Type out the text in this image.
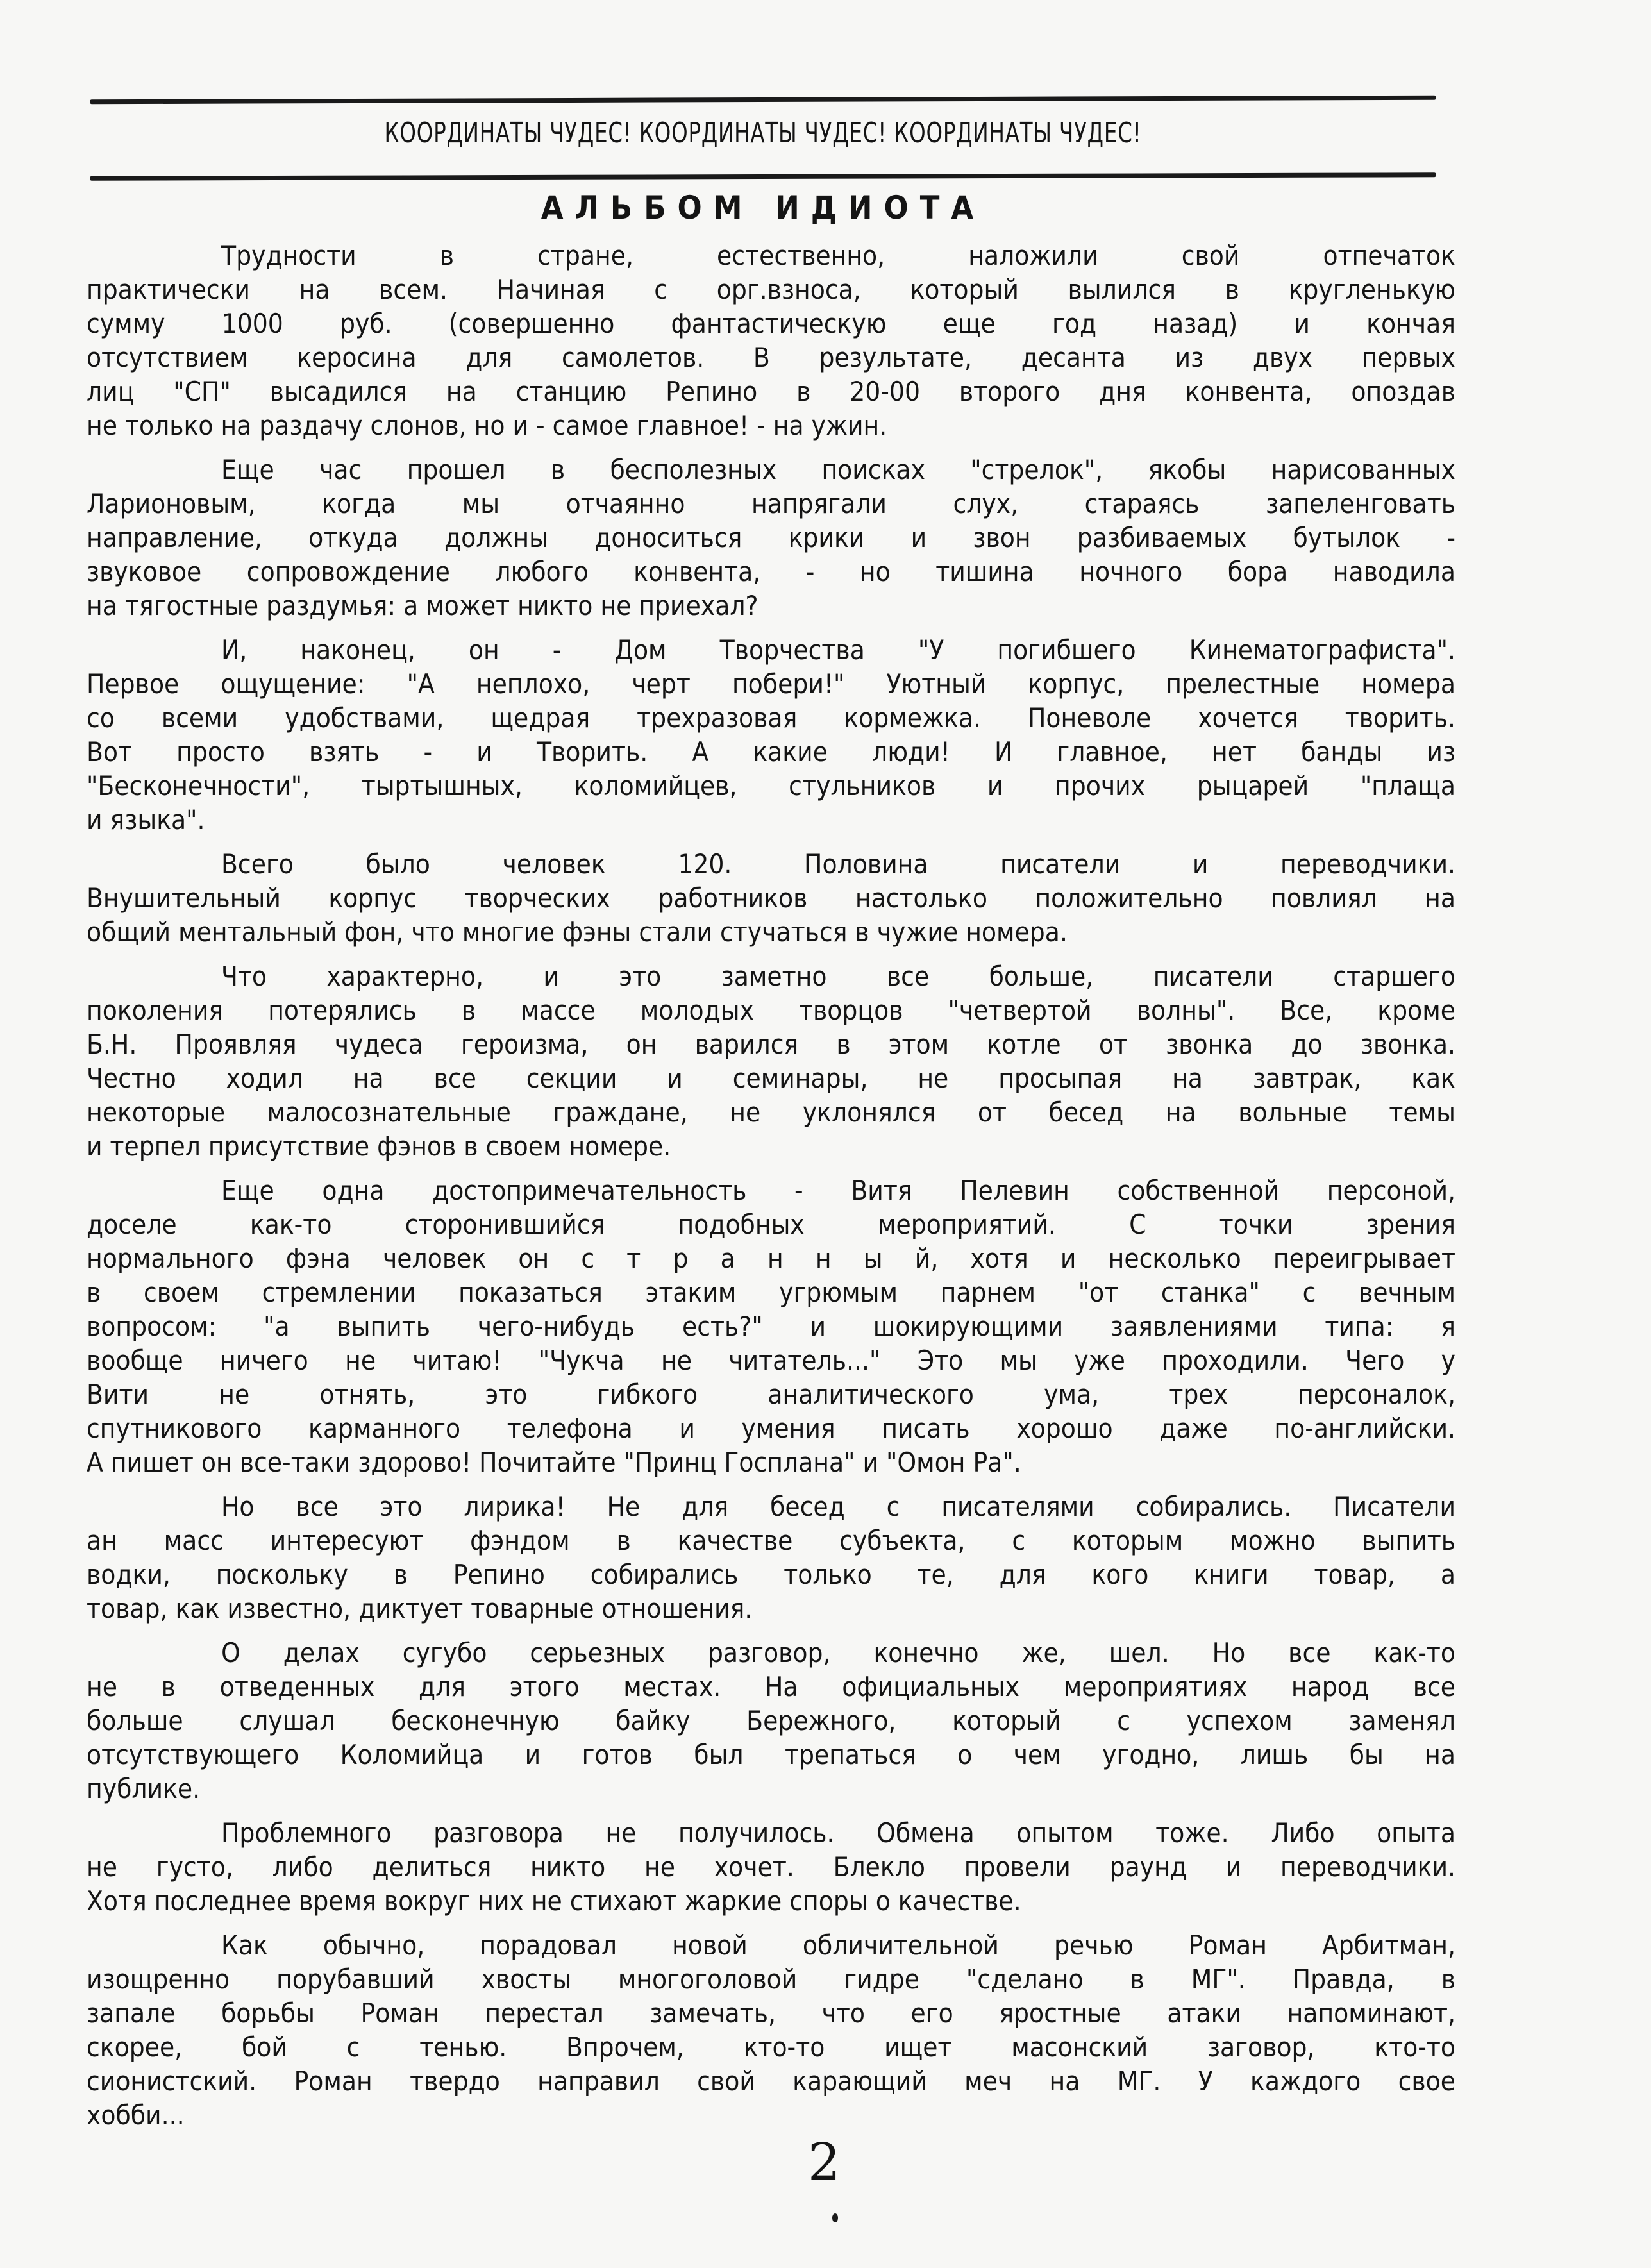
КООРДИНАТЫ ЧУДЕС! КООРДИНАТЫ ЧУДЕС! КООРДИНАТЫ ЧУДЕС!
АЛЬБОМ ИДИОТА
Трудности в стране, естественно, наложили свой отпечаток
практически на всем. Начиная с орг.взноса, который вылился в кругленькую
сумму 1000 руб. (совершенно фантастическую еще год назад) и кончая
отсутствием керосина для самолетов. В результате, десанта из двух первых
лиц "СП" высадился на станцию Репино в 20-00 второго дня конвента, опоздав
не только на раздачу слонов, но и - самое главное! - на ужин.
Еще час прошел в бесполезных поисках "стрелок", якобы нарисованных
Ларионовым, когда мы отчаянно напрягали слух, стараясь запеленговать
направление, откуда должны доноситься крики и звон разбиваемых бутылок -
звуковое сопровождение любого конвента, - но тишина ночного бора наводила
на тягостные раздумья: а может никто не приехал?
И, наконец, он - Дом Творчества "У погибшего Кинематографиста".
Первое ощущение: "А неплохо, черт побери!" Уютный корпус, прелестные номера
со всеми удобствами, щедрая трехразовая кормежка. Поневоле хочется творить.
Вот просто взять - и Творить. А какие люди! И главное, нет банды из
"Бесконечности", тыртышных, коломийцев, стульников и прочих рыцарей "плаща
и языка".
Всего было человек 120. Половина писатели и переводчики.
Внушительный корпус творческих работников настолько положительно повлиял на
общий ментальный фон, что многие фэны стали стучаться в чужие номера.
Что характерно, и это заметно все больше, писатели старшего
поколения потерялись в массе молодых творцов "четвертой волны". Все, кроме
Б.Н. Проявляя чудеса героизма, он варился в этом котле от звонка до звонка.
Честно ходил на все секции и семинары, не просыпая на завтрак, как
некоторые малосознательные граждане, не уклонялся от бесед на вольные темы
и терпел присутствие фэнов в своем номере.
Еще одна достопримечательность - Витя Пелевин собственной персоной,
доселе как-то сторонившийся подобных мероприятий. С точки зрения
нормального фэна человек он с т р а н н ы й, хотя и несколько переигрывает
в своем стремлении показаться этаким угрюмым парнем "от станка" с вечным
вопросом: "а выпить чего-нибудь есть?" и шокирующими заявлениями типа: я
вообще ничего не читаю! "Чукча не читатель..." Это мы уже проходили. Чего у
Вити не отнять, это гибкого аналитического ума, трех персоналок,
спутникового карманного телефона и умения писать хорошо даже по-английски.
А пишет он все-таки здорово! Почитайте "Принц Госплана" и "Омон Ра".
Но все это лирика! Не для бесед с писателями собирались. Писатели
ан масс интересуют фэндом в качестве субъекта, с которым можно выпить
водки, поскольку в Репино собирались только те, для кого книги товар, а
товар, как известно, диктует товарные отношения.
О делах сугубо серьезных разговор, конечно же, шел. Но все как-то
не в отведенных для этого местах. На официальных мероприятиях народ все
больше слушал бесконечную байку Бережного, который с успехом заменял
отсутствующего Коломийца и готов был трепаться о чем угодно, лишь бы на
публике.
Проблемного разговора не получилось. Обмена опытом тоже. Либо опыта
не густо, либо делиться никто не хочет. Блекло провели раунд и переводчики.
Хотя последнее время вокруг них не стихают жаркие споры о качестве.
Как обычно, порадовал новой обличительной речью Роман Арбитман,
изощренно порубавший хвосты многоголовой гидре "сделано в МГ". Правда, в
запале борьбы Роман перестал замечать, что его яростные атаки напоминают,
скорее, бой с тенью. Впрочем, кто-то ищет масонский заговор, кто-то
сионистский. Роман твердо направил свой карающий меч на МГ. У каждого свое
хобби...
2
